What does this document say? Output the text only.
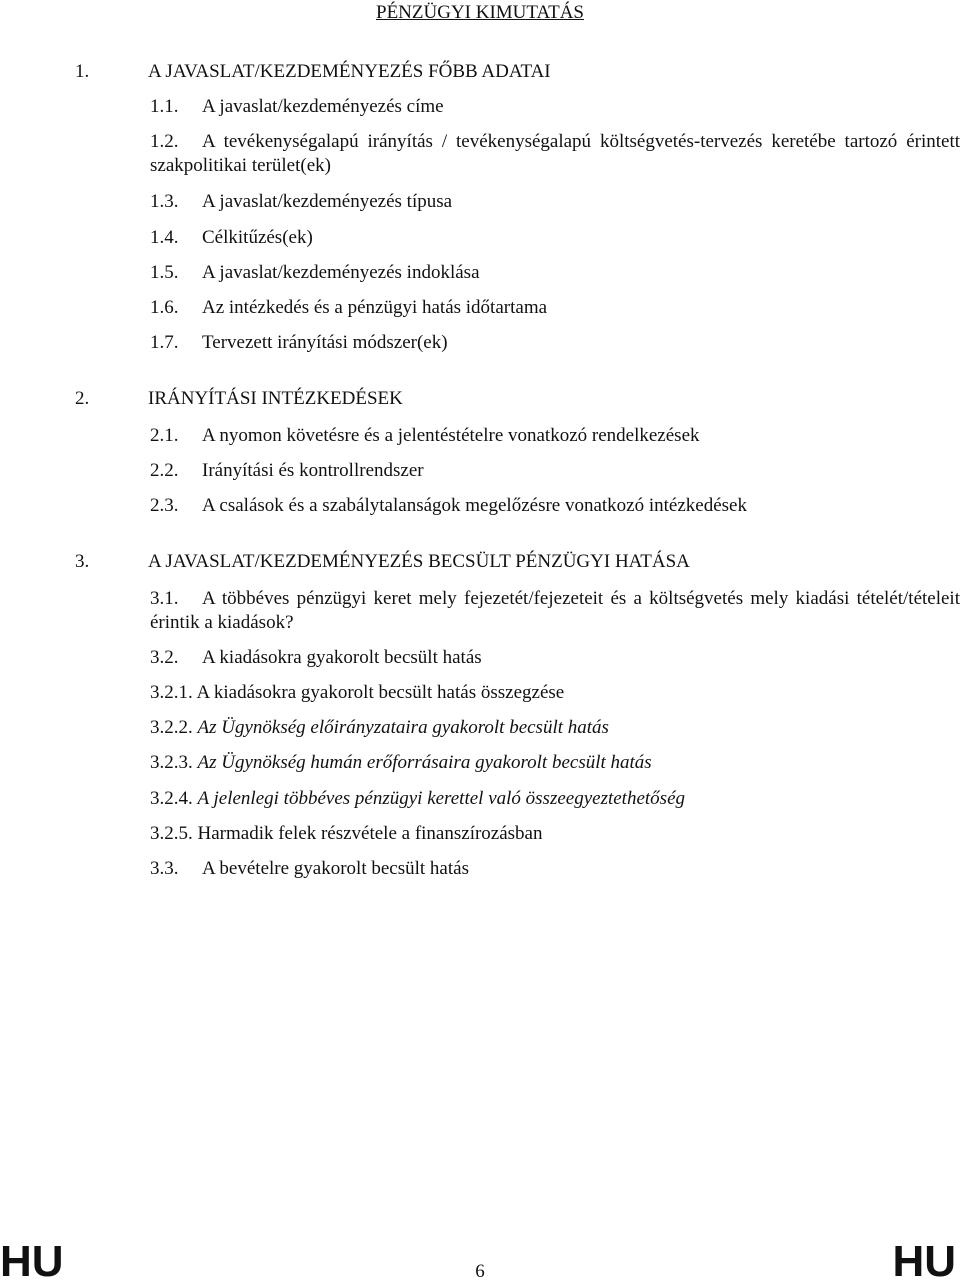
PÉNZÜGYI KIMUTATÁS
1.	A JAVASLAT/KEZDEMÉNYEZÉS FŐBB ADATAI
1.1. A javaslat/kezdeményezés címe
1.2. A tevékenységalapú irányítás / tevékenységalapú költségvetés-tervezés keretébe tartozó érintett szakpolitikai terület(ek)
1.3. A javaslat/kezdeményezés típusa
1.4. Célkitűzés(ek)
1.5. A javaslat/kezdeményezés indoklása
1.6. Az intézkedés és a pénzügyi hatás időtartama
1.7. Tervezett irányítási módszer(ek)
2.	IRÁNYÍTÁSI INTÉZKEDÉSEK
2.1. A nyomon követésre és a jelentéstételre vonatkozó rendelkezések
2.2. Irányítási és kontrollrendszer
2.3. A csalások és a szabálytalanságok megelőzésre vonatkozó intézkedések
3.	A JAVASLAT/KEZDEMÉNYEZÉS BECSÜLT PÉNZÜGYI HATÁSA
3.1. A többéves pénzügyi keret mely fejezetét/fejezeteit és a költségvetés mely kiadási tételét/tételeit érintik a kiadások?
3.2. A kiadásokra gyakorolt becsült hatás
3.2.1. A kiadásokra gyakorolt becsült hatás összegzése
3.2.2. Az Ügynökség előirányzataira gyakorolt becsült hatás
3.2.3. Az Ügynökség humán erőforrásaira gyakorolt becsült hatás
3.2.4. A jelenlegi többéves pénzügyi kerettel való összeegyeztethetőség
3.2.5. Harmadik felek részvétele a finanszírozásban
3.3. A bevételre gyakorolt becsült hatás
HU	6	HU
